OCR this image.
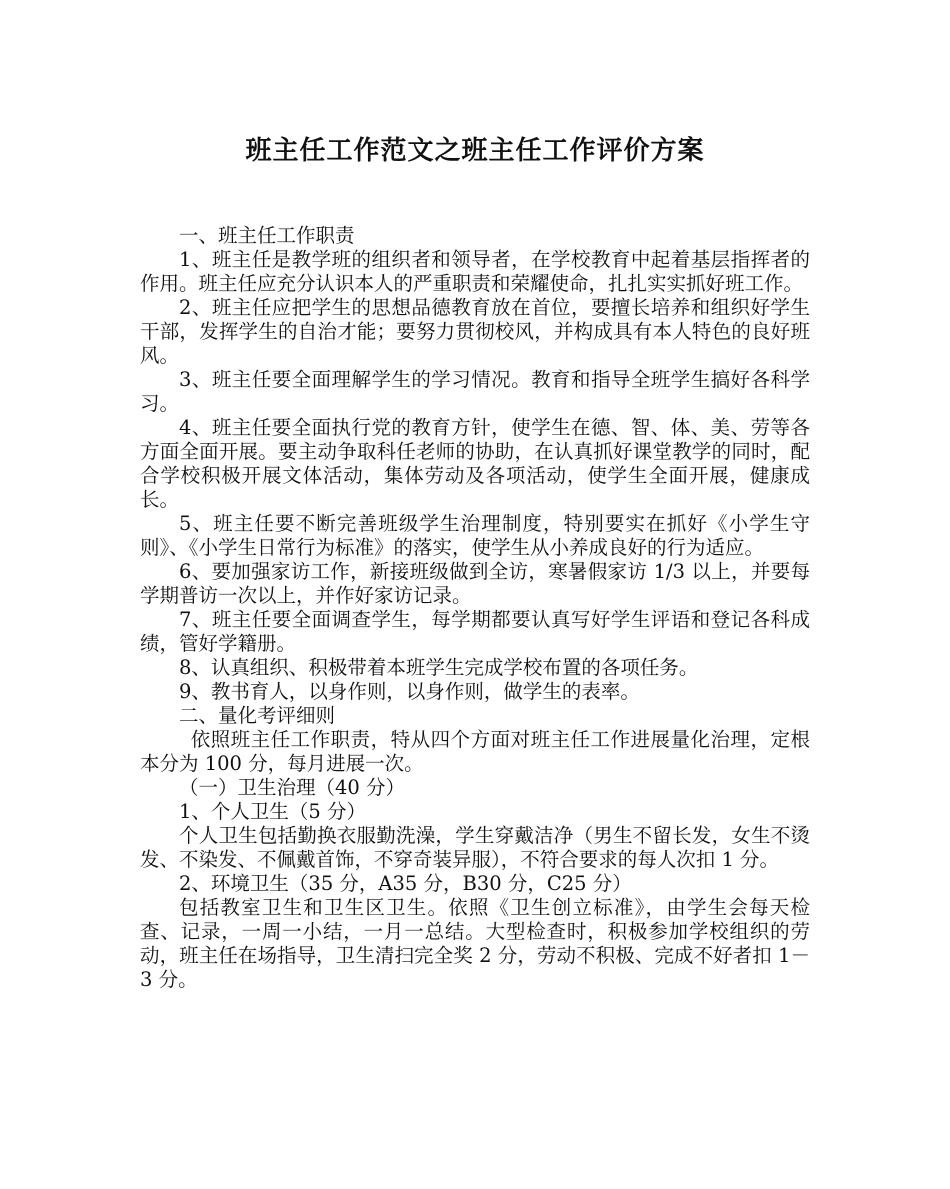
班主任工作范文之班主任工作评价方案

一、班主任工作职责

1、班主任是教学班的组织者和领导者，在学校教育中起着基层指挥者的作用。班主任应充分认识本人的严重职责和荣耀使命，扎扎实实抓好班工作。

2、班主任应把学生的思想品德教育放在首位，要擅长培养和组织好学生干部，发挥学生的自治才能；要努力贯彻校风，并构成具有本人特色的良好班风。

3、班主任要全面理解学生的学习情况。教育和指导全班学生搞好各科学习。

4、班主任要全面执行党的教育方针，使学生在德、智、体、美、劳等各方面全面开展。要主动争取科任老师的协助，在认真抓好课堂教学的同时，配合学校积极开展文体活动，集体劳动及各项活动，使学生全面开展，健康成长。

5、班主任要不断完善班级学生治理制度，特别要实在抓好《小学生守则》、《小学生日常行为标准》的落实，使学生从小养成良好的行为适应。

6、要加强家访工作，新接班级做到全访，寒暑假家访 1/3 以上，并要每学期普访一次以上，并作好家访记录。

7、班主任要全面调查学生，每学期都要认真写好学生评语和登记各科成绩，管好学籍册。

8、认真组织、积极带着本班学生完成学校布置的各项任务。

9、教书育人，以身作则，以身作则，做学生的表率。

二、量化考评细则

依照班主任工作职责，特从四个方面对班主任工作进展量化治理，定根本分为 100 分，每月进展一次。

（一）卫生治理（40 分）

1、个人卫生（5 分）

个人卫生包括勤换衣服勤洗澡，学生穿戴洁净（男生不留长发，女生不烫发、不染发、不佩戴首饰，不穿奇装异服），不符合要求的每人次扣 1 分。

2、环境卫生（35 分，A35 分，B30 分，C25 分）

包括教室卫生和卫生区卫生。依照《卫生创立标准》，由学生会每天检查、记录，一周一小结，一月一总结。大型检查时，积极参加学校组织的劳动，班主任在场指导，卫生清扫完全奖 2 分，劳动不积极、完成不好者扣 1－3 分。
